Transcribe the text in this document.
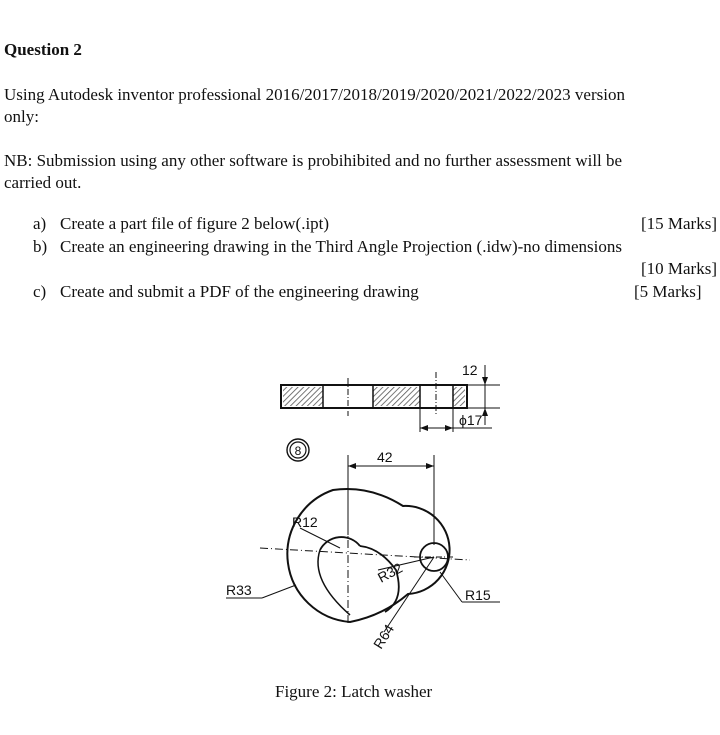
Question 2
Using Autodesk inventor professional 2016/2017/2018/2019/2020/2021/2022/2023 version
only:
NB: Submission using any other software is probihibited and no further assessment will be
carried out.
a) Create a part file of figure 2 below(.ipt)	[15 Marks]
b) Create an engineering drawing in the Third Angle Projection (.idw)-no dimensions
[10 Marks]
c) Create and submit a PDF of the engineering drawing	[5 Marks]
12
ϕ17
8	42
R12
R33
R32
R64
R15
Figure 2: Latch washer
